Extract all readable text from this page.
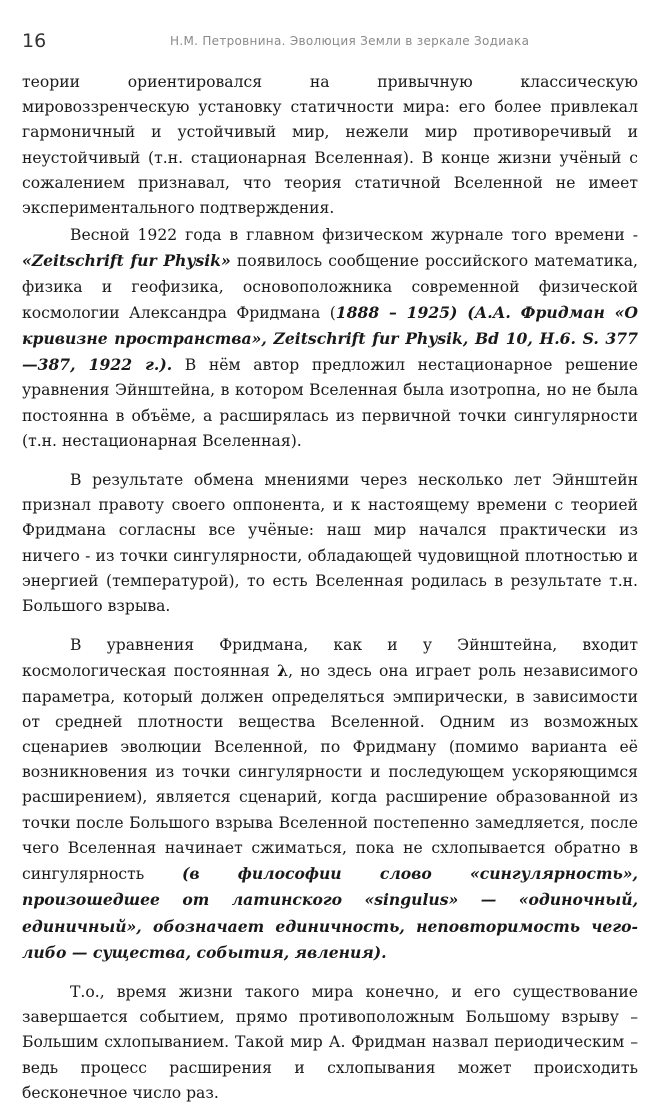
16	Н.М. Петровнина. Эволюция Земли в зеркале Зодиака

теории ориентировался на привычную классическую мировоззренческую установку статичности мира: его более привлекал гармоничный и устойчивый мир, нежели мир противоречивый и неустойчивый (т.н. стационарная Вселенная). В конце жизни учёный с сожалением признавал, что теория статичной Вселенной не имеет экспериментального подтверждения.

Весной 1922 года в главном физическом журнале того времени - «Zeitschrift fur Physik» появилось сообщение российского математика, физика и геофизика, основоположника современной физической космологии Александра Фридмана (1888 – 1925) (А.А. Фридман «О кривизне пространства», Zeitschrift fur Physik, Bd 10, H.6. S. 377—387, 1922 г.). В нём автор предложил нестационарное решение уравнения Эйнштейна, в котором Вселенная была изотропна, но не была постоянна в объёме, а расширялась из первичной точки сингулярности (т.н. нестационарная Вселенная).

В результате обмена мнениями через несколько лет Эйнштейн признал правоту своего оппонента, и к настоящему времени с теорией Фридмана согласны все учёные: наш мир начался практически из ничего - из точки сингулярности, обладающей чудовищной плотностью и энергией (температурой), то есть Вселенная родилась в результате т.н. Большого взрыва.

В уравнения Фридмана, как и у Эйнштейна, входит космологическая постоянная λ, но здесь она играет роль независимого параметра, который должен определяться эмпирически, в зависимости от средней плотности вещества Вселенной. Одним из возможных сценариев эволюции Вселенной, по Фридману (помимо варианта её возникновения из точки сингулярности и последующем ускоряющимся расширением), является сценарий, когда расширение образованной из точки после Большого взрыва Вселенной постепенно замедляется, после чего Вселенная начинает сжиматься, пока не схлопывается обратно в сингулярность (в философии слово «сингулярность», произошедшее от латинского «singulus» — «одиночный, единичный», обозначает единичность, неповторимость чего-либо — существа, события, явления).

Т.о., время жизни такого мира конечно, и его существование завершается событием, прямо противоположным Большому взрыву – Большим схлопыванием. Такой мир А. Фридман назвал периодическим – ведь процесс расширения и схлопывания может происходить бесконечное число раз.
